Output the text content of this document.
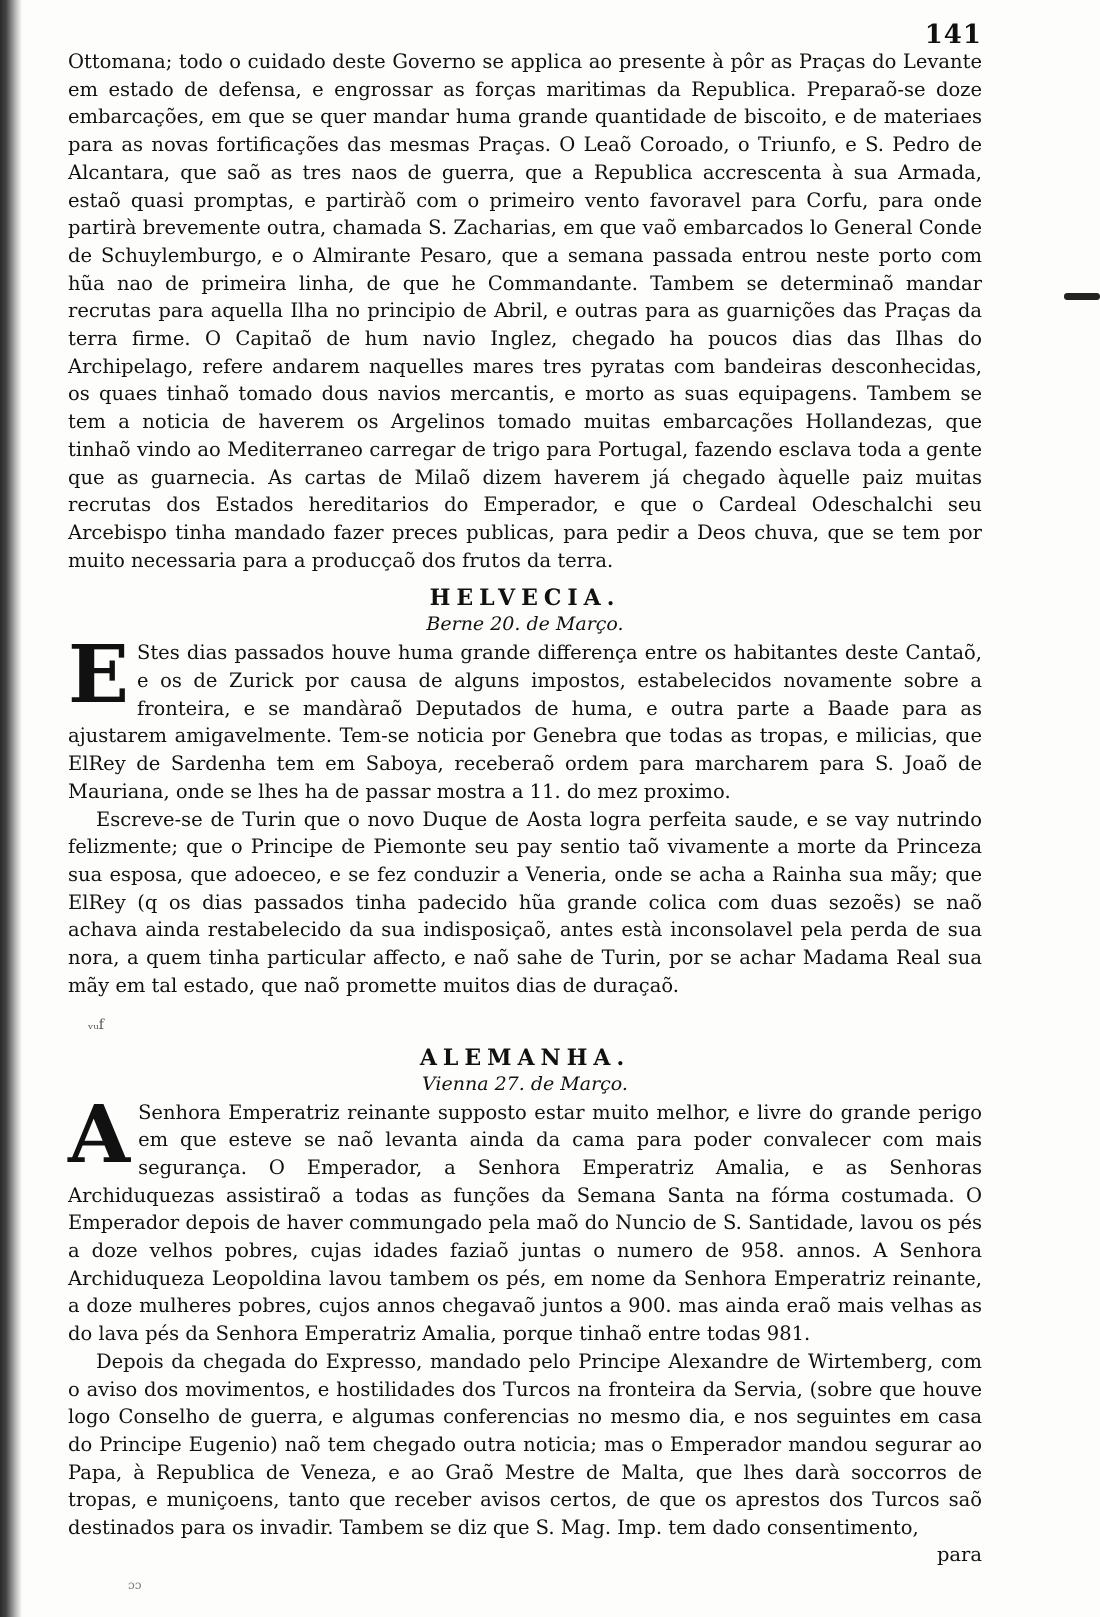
141

Ottomana; todo o cuidado deste Governo se applica ao presente à pôr as Praças do Levante em estado de defensa, e engrossar as forças maritimas da Republica. Preparaõ-se doze embarcações, em que se quer mandar huma grande quantidade de biscoito, e de materiaes para as novas fortificações das mesmas Praças. O Leaõ Coroado, o Triunfo, e S. Pedro de Alcantara, que saõ as tres naos de guerra, que a Republica accrescenta à sua Armada, estaõ quasi promptas, e partiràõ com o primeiro vento favoravel para Corfu, para onde partirà brevemente outra, chamada S. Zacharias, em que vaõ embarcados lo General Conde de Schuylemburgo, e o Almirante Pesaro, que a semana passada entrou neste porto com hũa nao de primeira linha, de que he Commandante. Tambem se determinaõ mandar recrutas para aquella Ilha no principio de Abril, e outras para as guarnições das Praças da terra firme. O Capitaõ de hum navio Inglez, chegado ha poucos dias das Ilhas do Archipelago, refere andarem naquelles mares tres pyratas com bandeiras desconhecidas, os quaes tinhaõ tomado dous navios mercantis, e morto as suas equipagens. Tambem se tem a noticia de haverem os Argelinos tomado muitas embarcações Hollandezas, que tinhaõ vindo ao Mediterraneo carregar de trigo para Portugal, fazendo esclava toda a gente que as guarnecia. As cartas de Milaõ dizem haverem já chegado àquelle paiz muitas recrutas dos Estados hereditarios do Emperador, e que o Cardeal Odeschalchi seu Arcebispo tinha mandado fazer preces publicas, para pedir a Deos chuva, que se tem por muito necessaria para a producçaõ dos frutos da terra.

HELVECIA.
Berne 20. de Março.

E Stes dias passados houve huma grande differença entre os habitantes deste Cantaõ, e os de Zurick por causa de alguns impostos, estabelecidos novamente sobre a fronteira, e se mandàraõ Deputados de huma, e outra parte a Baade para as ajustarem amigavelmente. Tem-se noticia por Genebra que todas as tropas, e milicias, que ElRey de Sardenha tem em Saboya, receberaõ ordem para marcharem para S. Joaõ de Mauriana, onde se lhes ha de passar mostra a 11. do mez proximo.

Escreve-se de Turin que o novo Duque de Aosta logra perfeita saude, e se vay nutrindo felizmente; que o Principe de Piemonte seu pay sentio taõ vivamente a morte da Princeza sua esposa, que adoeceo, e se fez conduzir a Veneria, onde se acha a Rainha sua mãy; que ElRey (q os dias passados tinha padecido hũa grande colica com duas sezoẽs) se naõ achava ainda restabelecido da sua indisposiçaõ, antes està inconsolavel pela perda de sua nora, a quem tinha particular affecto, e naõ sahe de Turin, por se achar Madama Real sua mãy em tal estado, que naõ promette muitos dias de duraçaõ.

ᵥᵤf
ALEMANHA.
Vienna 27. de Março.

A Senhora Emperatriz reinante supposto estar muito melhor, e livre do grande perigo em que esteve se naõ levanta ainda da cama para poder convalecer com mais segurança. O Emperador, a Senhora Emperatriz Amalia, e as Senhoras Archiduquezas assistiraõ a todas as funções da Semana Santa na fórma costumada. O Emperador depois de haver commungado pela maõ do Nuncio de S. Santidade, lavou os pés a doze velhos pobres, cujas idades faziaõ juntas o numero de 958. annos. A Senhora Archiduqueza Leopoldina lavou tambem os pés, em nome da Senhora Emperatriz reinante, a doze mulheres pobres, cujos annos chegavaõ juntos a 900. mas ainda eraõ mais velhas as do lava pés da Senhora Emperatriz Amalia, porque tinhaõ entre todas 981.

Depois da chegada do Expresso, mandado pelo Principe Alexandre de Wirtemberg, com o aviso dos movimentos, e hostilidades dos Turcos na fronteira da Servia, (sobre que houve logo Conselho de guerra, e algumas conferencias no mesmo dia, e nos seguintes em casa do Principe Eugenio) naõ tem chegado outra noticia; mas o Emperador mandou segurar ao Papa, à Republica de Veneza, e ao Graõ Mestre de Malta, que lhes darà soccorros de tropas, e muniçoens, tanto que receber avisos certos, de que os aprestos dos Turcos saõ destinados para os invadir. Tambem se diz que S. Mag. Imp. tem dado consentimento,

para
ɔɔ
